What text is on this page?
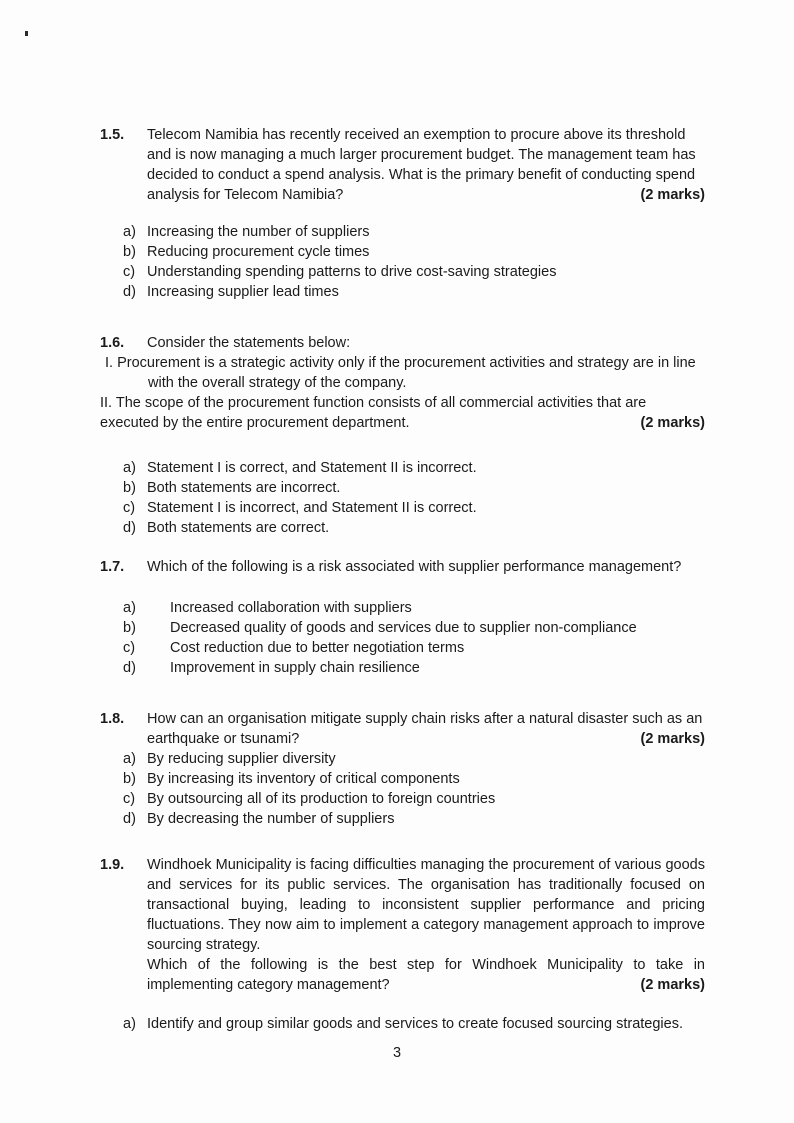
1.5.	Telecom Namibia has recently received an exemption to procure above its threshold and is now managing a much larger procurement budget. The management team has decided to conduct a spend analysis. What is the primary benefit of conducting spend analysis for Telecom Namibia?	(2 marks)
a) Increasing the number of suppliers
b) Reducing procurement cycle times
c) Understanding spending patterns to drive cost-saving strategies
d) Increasing supplier lead times
1.6.	Consider the statements below:

I. Procurement is a strategic activity only if the procurement activities and strategy are in line with the overall strategy of the company.

II. The scope of the procurement function consists of all commercial activities that are executed by the entire procurement department.	(2 marks)

a) Statement I is correct, and Statement II is incorrect.
b) Both statements are incorrect.
c) Statement I is incorrect, and Statement II is correct.
d) Both statements are correct.
1.7.	Which of the following is a risk associated with supplier performance management?
a)	Increased collaboration with suppliers
b)	Decreased quality of goods and services due to supplier non-compliance
c)	Cost reduction due to better negotiation terms
d)	Improvement in supply chain resilience
1.8.	How can an organisation mitigate supply chain risks after a natural disaster such as an earthquake or tsunami?	(2 marks)
a) By reducing supplier diversity
b) By increasing its inventory of critical components
c) By outsourcing all of its production to foreign countries
d) By decreasing the number of suppliers
1.9.	Windhoek Municipality is facing difficulties managing the procurement of various goods and services for its public services. The organisation has traditionally focused on transactional buying, leading to inconsistent supplier performance and pricing fluctuations. They now aim to implement a category management approach to improve sourcing strategy.

Which of the following is the best step for Windhoek Municipality to take in implementing category management?	(2 marks)

a) Identify and group similar goods and services to create focused sourcing strategies.
3
